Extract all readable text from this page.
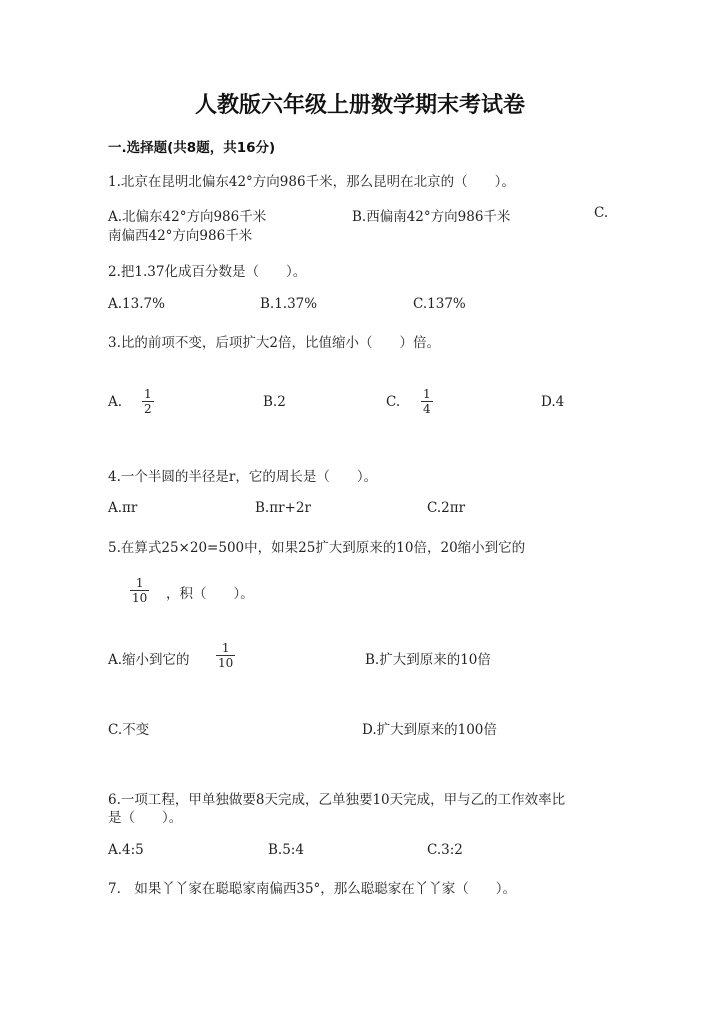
人教版六年级上册数学期末考试卷
一.选择题(共8题，共16分)
1.北京在昆明北偏东42°方向986千米，那么昆明在北京的（　　）。
A.北偏东42°方向986千米	B.西偏南42°方向986千米	C.
南偏西42°方向986千米
2.把1.37化成百分数是（　　）。
A.13.7%	B.1.37%	C.137%
3.比的前项不变，后项扩大2倍，比值缩小（　　）倍。
A. 1
2	B.2	C. 1
4	D.4
4.一个半圆的半径是r，它的周长是（　　）。
A.πr	B.πr+2r	C.2πr
5.在算式25×20=500中，如果25扩大到原来的10倍，20缩小到它的
1
10 ，积（　　）。
A.缩小到它的
1
10	B.扩大到原来的10倍
C.不变	D.扩大到原来的100倍
6.一项工程，甲单独做要8天完成，乙单独要10天完成，甲与乙的工作效率比
是（　　）。
A.4:5	B.5:4	C.3:2
7.　如果丫丫家在聪聪家南偏西35°，那么聪聪家在丫丫家（　　）。
